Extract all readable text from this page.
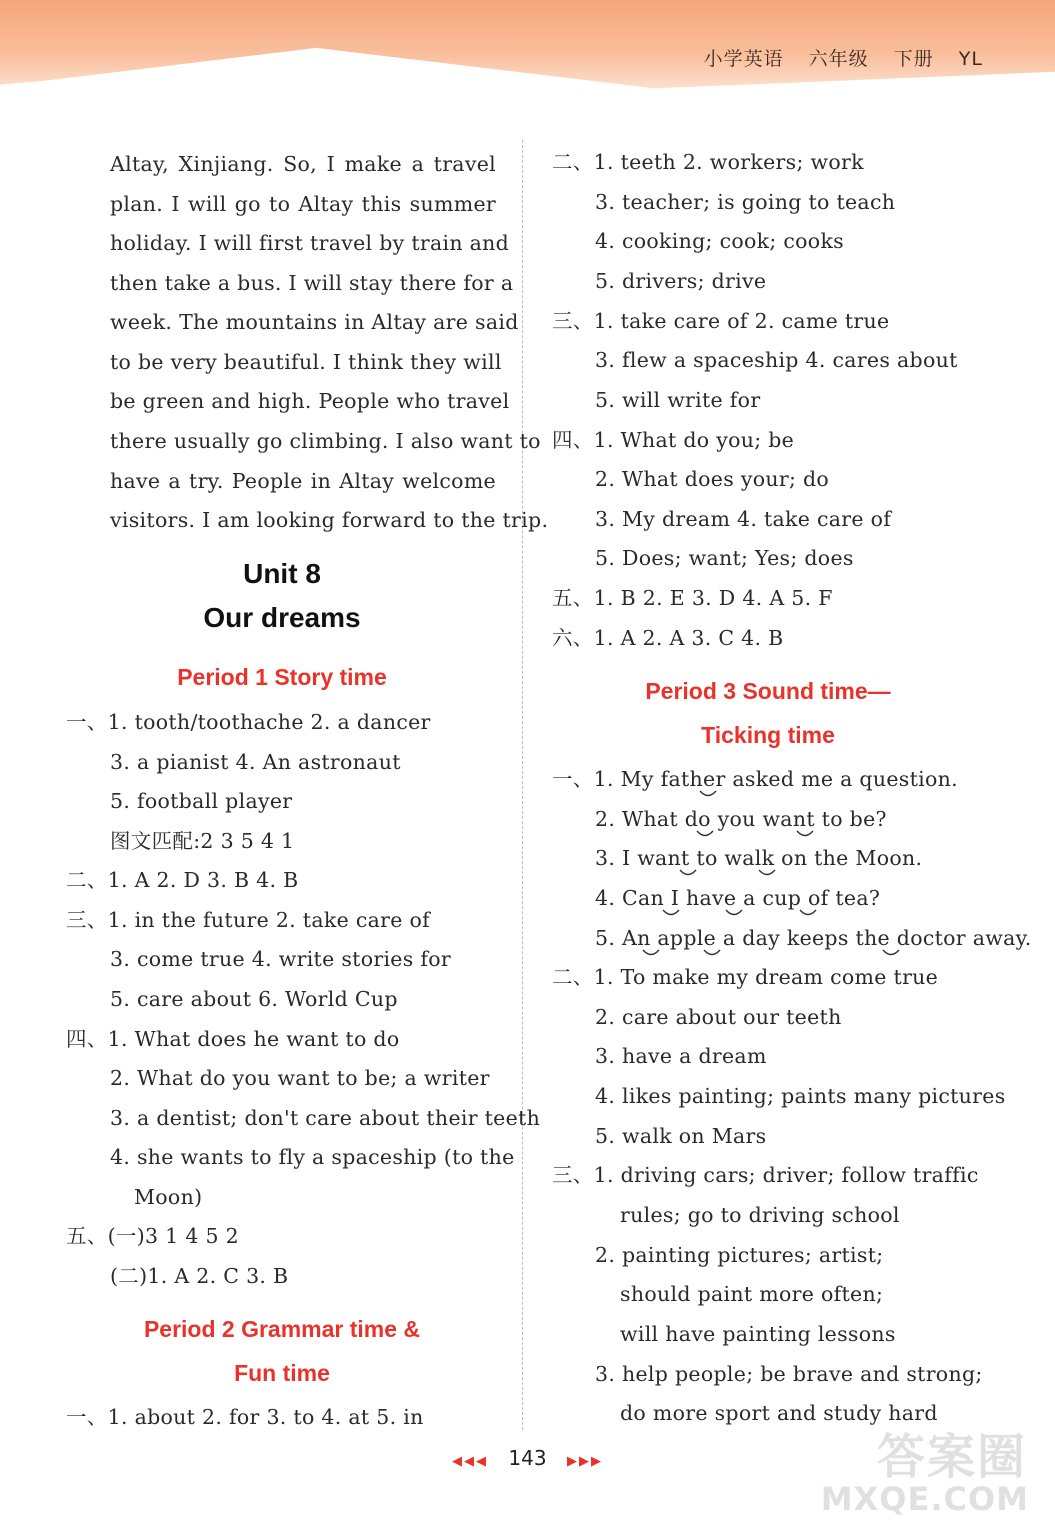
小学英语 六年级 下册 YL
Altay, Xinjiang. So, I make a travel
plan. I will go to Altay this summer
holiday. I will first travel by train and
then take a bus. I will stay there for a
week. The mountains in Altay are said
to be very beautiful. I think they will
be green and high. People who travel
there usually go climbing. I also want to
have a try. People in Altay welcome
visitors. I am looking forward to the trip.
Unit 8
Our dreams
Period 1 Story time
一、1. tooth/toothache 2. a dancer
3. a pianist 4. An astronaut
5. football player
图文匹配:2 3 5 4 1
二、1. A 2. D 3. B 4. B
三、1. in the future 2. take care of
3. come true 4. write stories for
5. care about 6. World Cup
四、1. What does he want to do
2. What do you want to be; a writer
3. a dentist; don't care about their teeth
4. she wants to fly a spaceship (to the
Moon)
五、(一)3 1 4 5 2
(二)1. A 2. C 3. B
Period 2 Grammar time &
Fun time
一、1. about 2. for 3. to 4. at 5. in
二、1. teeth 2. workers; work
3. teacher; is going to teach
4. cooking; cook; cooks
5. drivers; drive
三、1. take care of 2. came true
3. flew a spaceship 4. cares about
5. will write for
四、1. What do you; be
2. What does your; do
3. My dream 4. take care of
5. Does; want; Yes; does
五、1. B 2. E 3. D 4. A 5. F
六、1. A 2. A 3. C 4. B
Period 3 Sound time—
Ticking time
一、1. My father asked me a question.
2. What do you want to be?
3. I want to walk on the Moon.
4. Can I have a cup of tea?
5. An apple a day keeps the doctor away.
二、1. To make my dream come true
2. care about our teeth
3. have a dream
4. likes painting; paints many pictures
5. walk on Mars
三、1. driving cars; driver; follow traffic
rules; go to driving school
2. painting pictures; artist;
should paint more often;
will have painting lessons
3. help people; be brave and strong;
do more sport and study hard
◀◀◀ 143 ▶▶▶	答案圈
MXQE.COM
